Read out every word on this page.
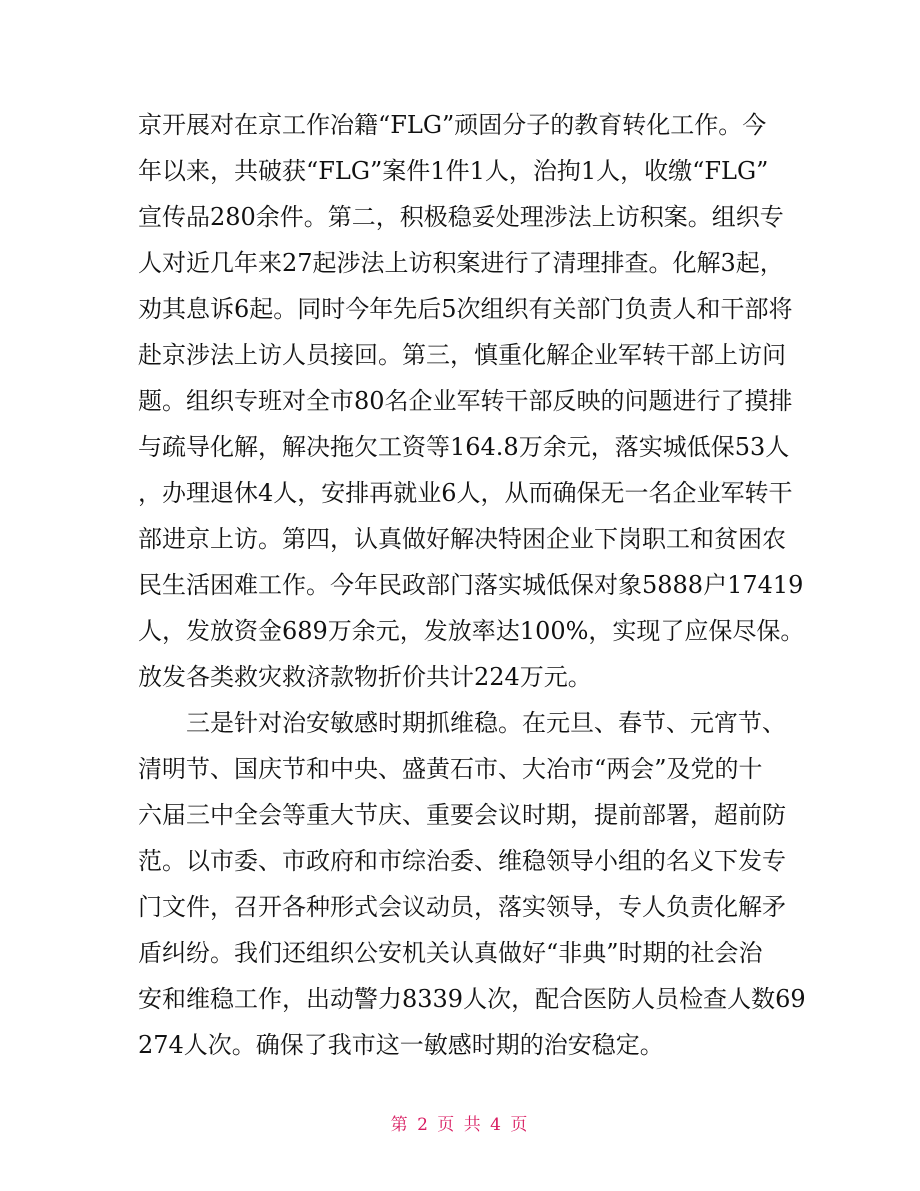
京开展对在京工作冶籍“FLG”顽固分子的教育转化工作。今
年以来，共破获“FLG”案件1件1人，治拘1人，收缴“FLG”
宣传品280余件。第二，积极稳妥处理涉法上访积案。组织专
人对近几年来27起涉法上访积案进行了清理排查。化解3起，
劝其息诉6起。同时今年先后5次组织有关部门负责人和干部将
赴京涉法上访人员接回。第三，慎重化解企业军转干部上访问
题。组织专班对全市80名企业军转干部反映的问题进行了摸排
与疏导化解，解决拖欠工资等164.8万余元，落实城低保53人
，办理退休4人，安排再就业6人，从而确保无一名企业军转干
部进京上访。第四，认真做好解决特困企业下岗职工和贫困农
民生活困难工作。今年民政部门落实城低保对象5888户17419
人，发放资金689万余元，发放率达100%，实现了应保尽保。
放发各类救灾救济款物折价共计224万元。
　　三是针对治安敏感时期抓维稳。在元旦、春节、元宵节、
清明节、国庆节和中央、盛黄石市、大冶市“两会”及党的十
六届三中全会等重大节庆、重要会议时期，提前部署，超前防
范。以市委、市政府和市综治委、维稳领导小组的名义下发专
门文件，召开各种形式会议动员，落实领导，专人负责化解矛
盾纠纷。我们还组织公安机关认真做好“非典”时期的社会治
安和维稳工作，出动警力8339人次，配合医防人员检查人数69
274人次。确保了我市这一敏感时期的治安稳定。
第 2 页 共 4 页
